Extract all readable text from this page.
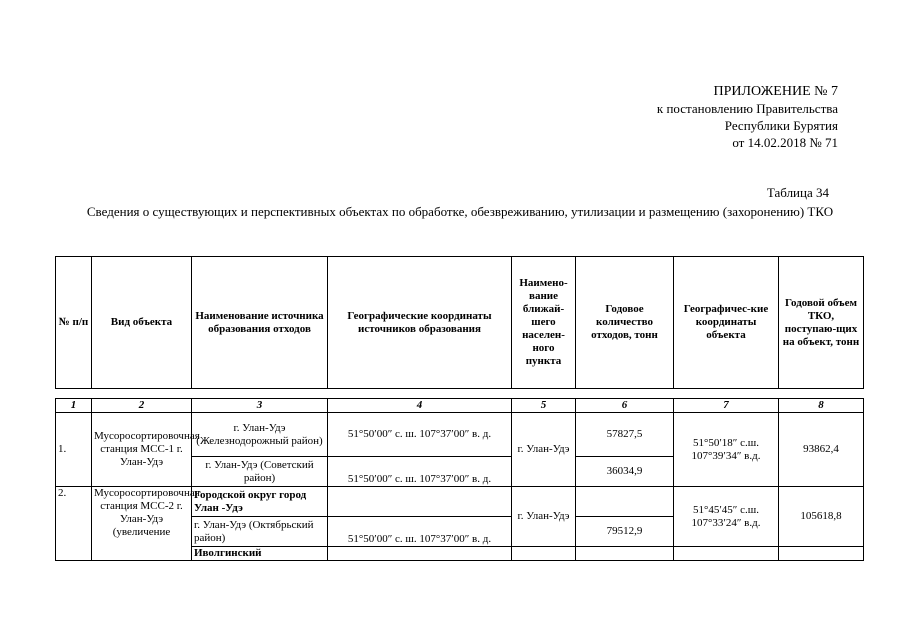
ПРИЛОЖЕНИЕ № 7
к постановлению Правительства
Республики Бурятия
от 14.02.2018 № 71
Таблица 34
Сведения о существующих и перспективных объектах по обработке, обезвреживанию, утилизации и размещению (захоронению) ТКО
№ п/п	Вид объекта	Наименование источника образования отходов	Географические координаты источников образования	Наимено-вание ближай-шего населен-ного пункта	Годовое количество отходов, тонн	Географичес-кие координаты объекта	Годовой объем ТКО, поступаю-щих на объект, тонн
1	2	3	4	5	6	7	8
1.	Мусоросортировочная станция МСС-1 г. Улан-Удэ	г. Улан-Удэ (Железнодорожный район)	51°50′00″ с. ш. 107°37′00″ в. д.	г. Улан-Удэ	57827,5	51°50′18″ с.ш. 107°39′34″ в.д.	93862,4
		г. Улан-Удэ (Советский район)	51°50′00″ с. ш. 107°37′00″ в. д.		36034,9		
2.	Мусоросортировочная станция МСС-2 г. Улан-Удэ (увеличение	Городской округ город Улан -Удэ		г. Улан-Удэ		51°45′45″ с.ш. 107°33′24″ в.д.	105618,8
		г. Улан-Удэ (Октябрьский район)	51°50′00″ с. ш. 107°37′00″ в. д.		79512,9		
		Иволгинский					
